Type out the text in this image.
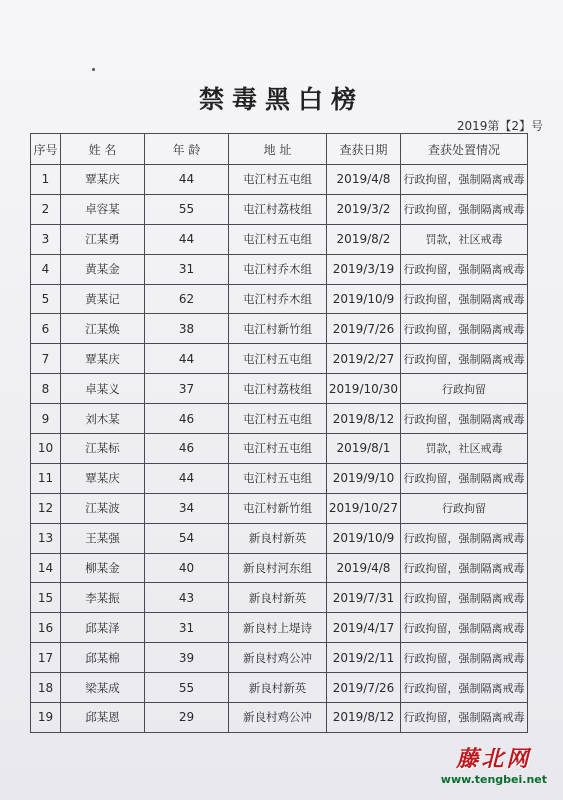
禁毒黑白榜
2019第【2】号
序号	姓 名	年 龄	地 址	查获日期	查获处置情况
1	覃某庆	44	屯江村五屯组	2019/4/8	行政拘留，强制隔离戒毒
2	卓容某	55	屯江村荔枝组	2019/3/2	行政拘留，强制隔离戒毒
3	江某勇	44	屯江村五屯组	2019/8/2	罚款，社区戒毒
4	黄某金	31	屯江村乔木组	2019/3/19	行政拘留，强制隔离戒毒
5	黄某记	62	屯江村乔木组	2019/10/9	行政拘留，强制隔离戒毒
6	江某焕	38	屯江村新竹组	2019/7/26	行政拘留，强制隔离戒毒
7	覃某庆	44	屯江村五屯组	2019/2/27	行政拘留，强制隔离戒毒
8	卓某义	37	屯江村荔枝组	2019/10/30	行政拘留
9	刘木某	46	屯江村五屯组	2019/8/12	行政拘留，强制隔离戒毒
10	江某标	46	屯江村五屯组	2019/8/1	罚款，社区戒毒
11	覃某庆	44	屯江村五屯组	2019/9/10	行政拘留，强制隔离戒毒
12	江某波	34	屯江村新竹组	2019/10/27	行政拘留
13	王某强	54	新良村新英	2019/10/9	行政拘留，强制隔离戒毒
14	柳某金	40	新良村河东组	2019/4/8	行政拘留，强制隔离戒毒
15	李某振	43	新良村新英	2019/7/31	行政拘留，强制隔离戒毒
16	邱某泽	31	新良村上堤诗	2019/4/17	行政拘留，强制隔离戒毒
17	邱某棉	39	新良村鸡公冲	2019/2/11	行政拘留，强制隔离戒毒
18	梁某成	55	新良村新英	2019/7/26	行政拘留，强制隔离戒毒
19	邱某恩	29	新良村鸡公冲	2019/8/12	行政拘留，强制隔离戒毒
藤北网
www.tengbei.net
